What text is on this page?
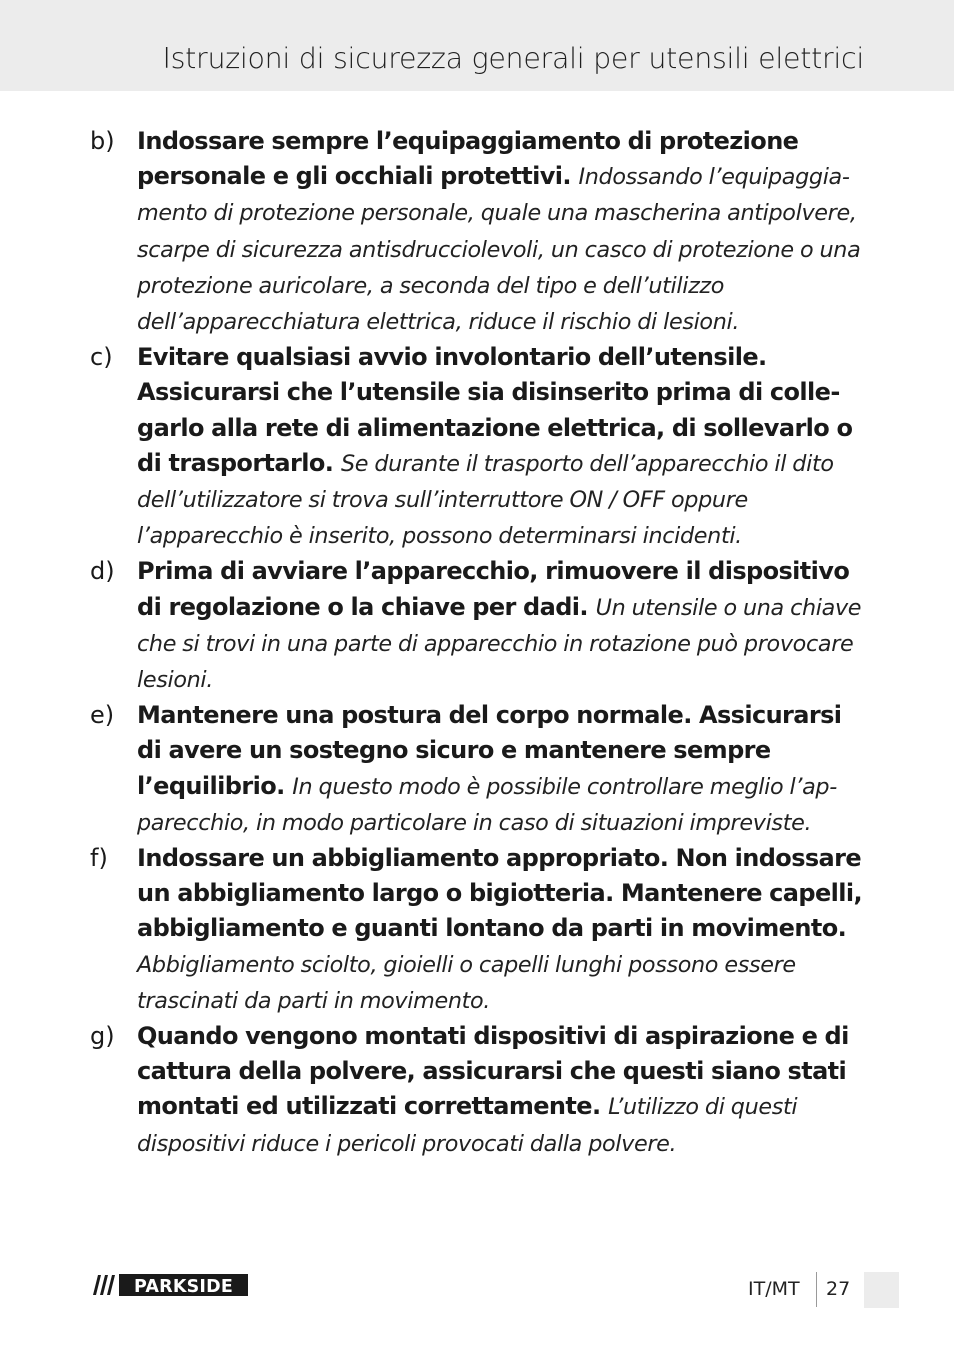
Istruzioni di sicurezza generali per utensili elettrici
b) Indossare sempre l’equipaggiamento di protezione personale e gli occhiali protettivi. Indossando l’equipaggiamento di protezione personale, quale una mascherina antipolvere, scarpe di sicurezza antisdrucciolevoli, un casco di protezione o una protezione auricolare, a seconda del tipo e dell’utilizzo dell’apparecchiatura elettrica, riduce il rischio di lesioni.
c) Evitare qualsiasi avvio involontario dell’utensile. Assicurarsi che l’utensile sia disinserito prima di collegarlo alla rete di alimentazione elettrica, di sollevarlo o di trasportarlo. Se durante il trasporto dell’apparecchio il dito dell’utilizzatore si trova sull’interruttore ON / OFF oppure l’apparecchio è inserito, possono determinarsi incidenti.
d) Prima di avviare l’apparecchio, rimuovere il dispositivo di regolazione o la chiave per dadi. Un utensile o una chiave che si trovi in una parte di apparecchio in rotazione può provocare lesioni.
e) Mantenere una postura del corpo normale. Assicurarsi di avere un sostegno sicuro e mantenere sempre l’equilibrio. In questo modo è possibile controllare meglio l’apparecchio, in modo particolare in caso di situazioni impreviste.
f) Indossare un abbigliamento appropriato. Non indossare un abbigliamento largo o bigiotteria. Mantenere capelli, abbigliamento e guanti lontano da parti in movimento. Abbigliamento sciolto, gioielli o capelli lunghi possono essere trascinati da parti in movimento.
g) Quando vengono montati dispositivi di aspirazione e di cattura della polvere, assicurarsi che questi siano stati montati ed utilizzati correttamente. L’utilizzo di questi dispositivi riduce i pericoli provocati dalla polvere.
PARKSIDE	IT/MT 27
